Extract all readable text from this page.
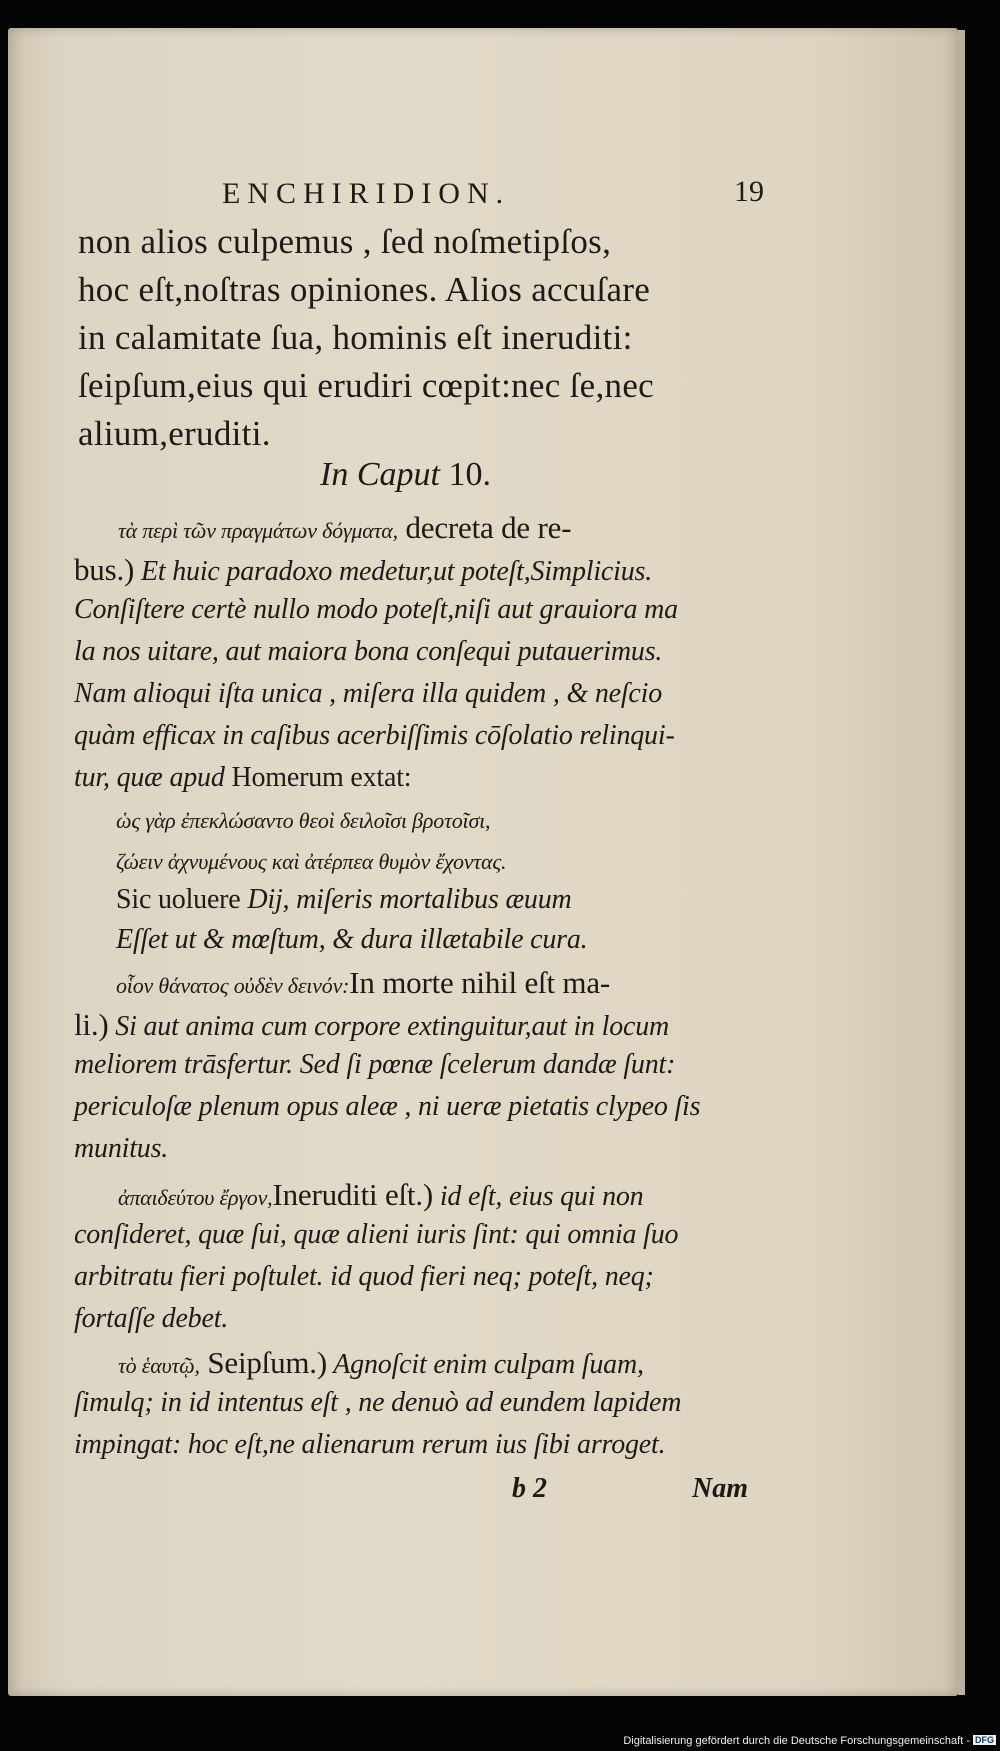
ENCHIRIDION.	19
non alios culpemus , ſed noſmetipſos,
hoc eſt,noſtras opiniones. Alios accuſare
in calamitate ſua, hominis eſt ineruditi:
ſeipſum,eius qui erudiri cœpit:nec ſe,nec
alium,eruditi.
In Caput 10.
τὰ περὶ τῶν πραγμάτων δόγματα, decreta de re-
bus.) Et huic paradoxo medetur,ut poteſt,Simplicius.
Conſiſtere certè nullo modo poteſt,niſi aut grauiora ma
la nos uitare, aut maiora bona conſequi putauerimus.
Nam alioqui iſta unica , miſera illa quidem , & neſcio
quàm efficax in caſibus acerbiſſimis cōſolatio relinqui-
tur, quæ apud Homerum extat:
ὡς γὰρ ἐπεκλώσαντο θεοὶ δειλοῖσι βροτοῖσι,
ζώειν ἀχνυμένους καὶ ἀτέρπεα θυμὸν ἔχοντας.
Sic uoluere Dij, miſeris mortalibus æuum
Eſſet ut & mœſtum, & dura illætabile cura.
οἷον θάνατος οὐδὲν δεινόν:In morte nihil eſt ma-
li.) Si aut anima cum corpore extinguitur,aut in locum
meliorem trāsfertur. Sed ſi pœnæ ſcelerum dandæ ſunt:
periculoſæ plenum opus aleæ , ni ueræ pietatis clypeo ſis
munitus.
ἀπαιδεύτου ἔργον,Ineruditi eſt.) id eſt, eius qui non
conſideret, quæ ſui, quæ alieni iuris ſint: qui omnia ſuo
arbitratu fieri poſtulet. id quod fieri neq; poteſt, neq;
fortaſſe debet.
τὸ ἑαυτῷ, Seipſum.) Agnoſcit enim culpam ſuam,
ſimulq; in id intentus eſt , ne denuò ad eundem lapidem
impingat: hoc eſt,ne alienarum rerum ius ſibi arroget.
b 2	Nam
Digitalisierung gefördert durch die Deutsche Forschungsgemeinschaft - DFG
